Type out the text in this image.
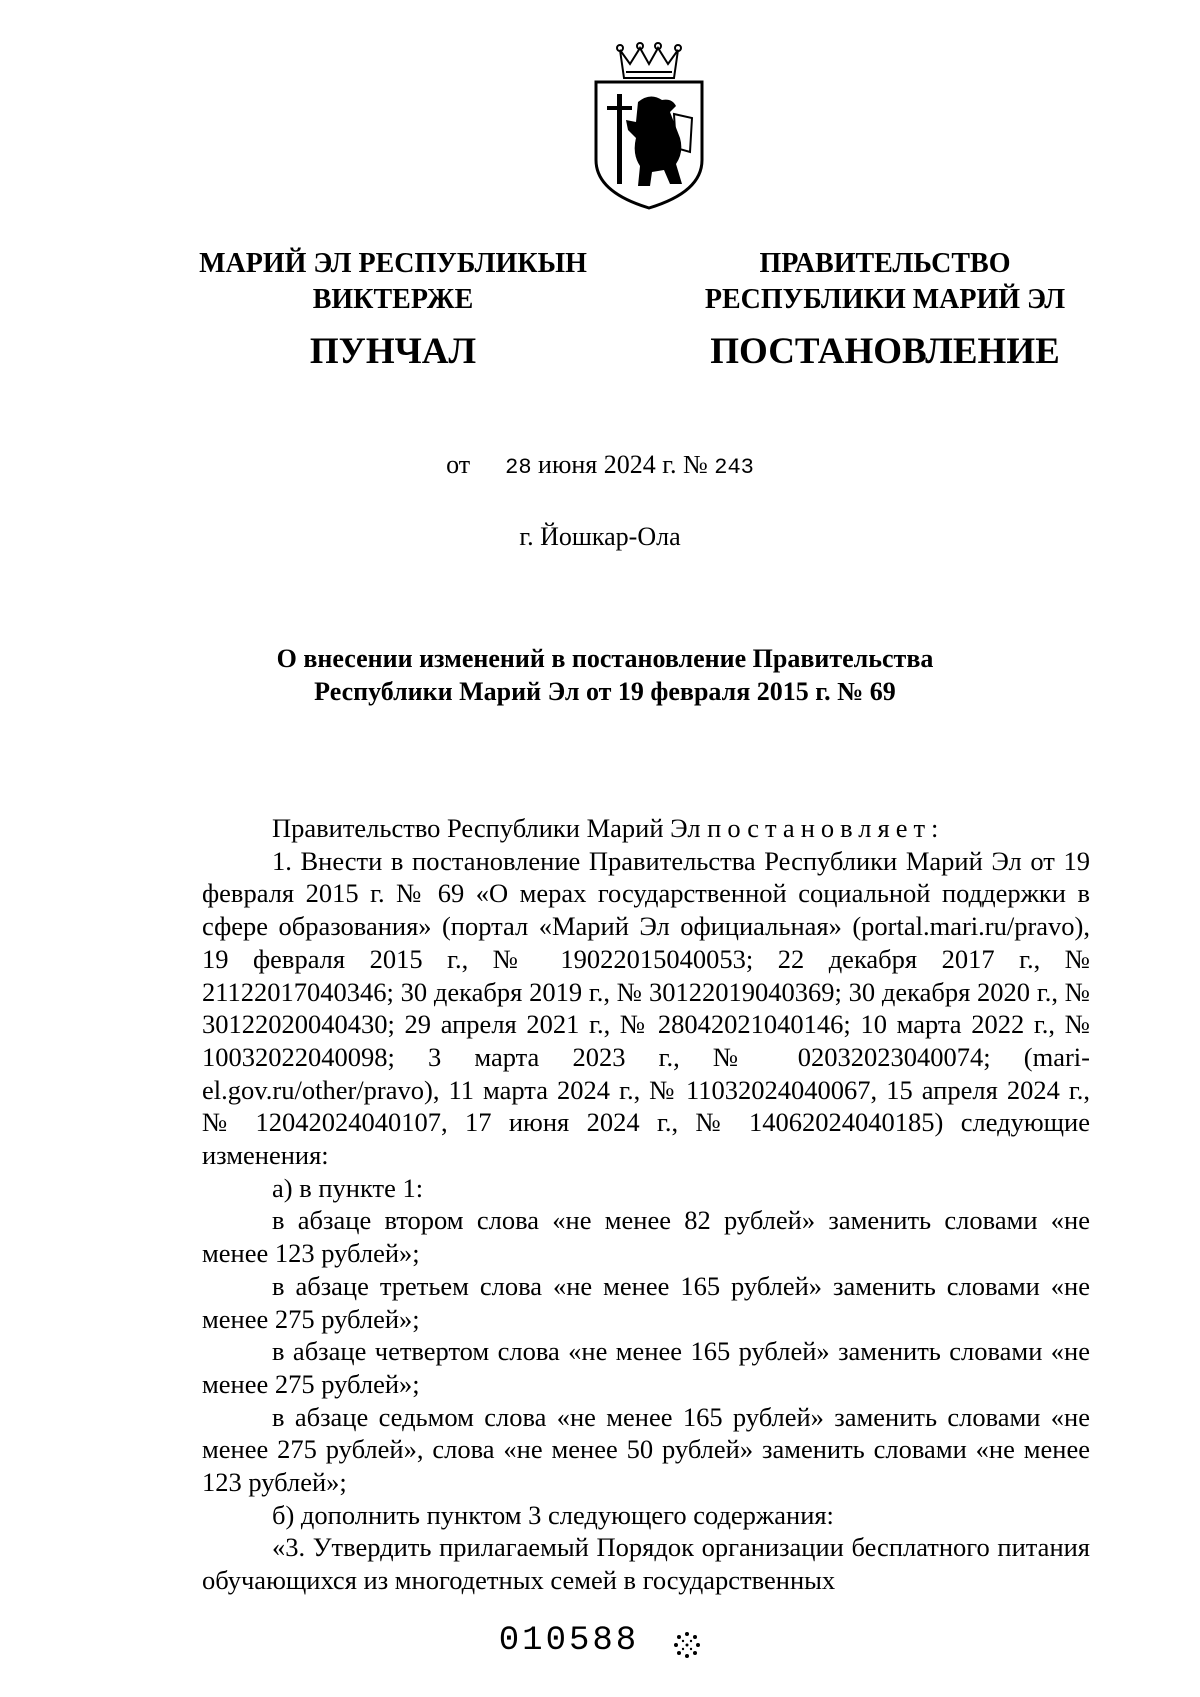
МАРИЙ ЭЛ РЕСПУБЛИКЫН
ВИКТЕРЖЕ
ПУНЧАЛ
ПРАВИТЕЛЬСТВО
РЕСПУБЛИКИ МАРИЙ ЭЛ
ПОСТАНОВЛЕНИЕ
от 28 июня 2024 г. № 243
г. Йошкар-Ола
О внесении изменений в постановление Правительства
Республики Марий Эл от 19 февраля 2015 г. № 69

Правительство Республики Марий Эл постановляет:

1. Внести в постановление Правительства Республики Марий Эл от 19 февраля 2015 г. № 69 «О мерах государственной социальной поддержки в сфере образования» (портал «Марий Эл официальная» (portal.mari.ru/pravo), 19 февраля 2015 г., № 19022015040053; 22 декабря 2017 г., № 21122017040346; 30 декабря 2019 г., № 30122019040369; 30 декабря 2020 г., № 30122020040430; 29 апреля 2021 г., № 28042021040146; 10 марта 2022 г., № 10032022040098; 3 марта 2023 г., № 02032023040074; (mari-el.gov.ru/other/pravo), 11 марта 2024 г., № 11032024040067, 15 апреля 2024 г., № 12042024040107, 17 июня 2024 г., № 14062024040185) следующие изменения:

а) в пункте 1:

в абзаце втором слова «не менее 82 рублей» заменить словами «не менее 123 рублей»;

в абзаце третьем слова «не менее 165 рублей» заменить словами «не менее 275 рублей»;

в абзаце четвертом слова «не менее 165 рублей» заменить словами «не менее 275 рублей»;

в абзаце седьмом слова «не менее 165 рублей» заменить словами «не менее 275 рублей», слова «не менее 50 рублей» заменить словами «не менее 123 рублей»;

б) дополнить пунктом 3 следующего содержания:

«3. Утвердить прилагаемый Порядок организации бесплатного питания обучающихся из многодетных семей в государственных

010588
